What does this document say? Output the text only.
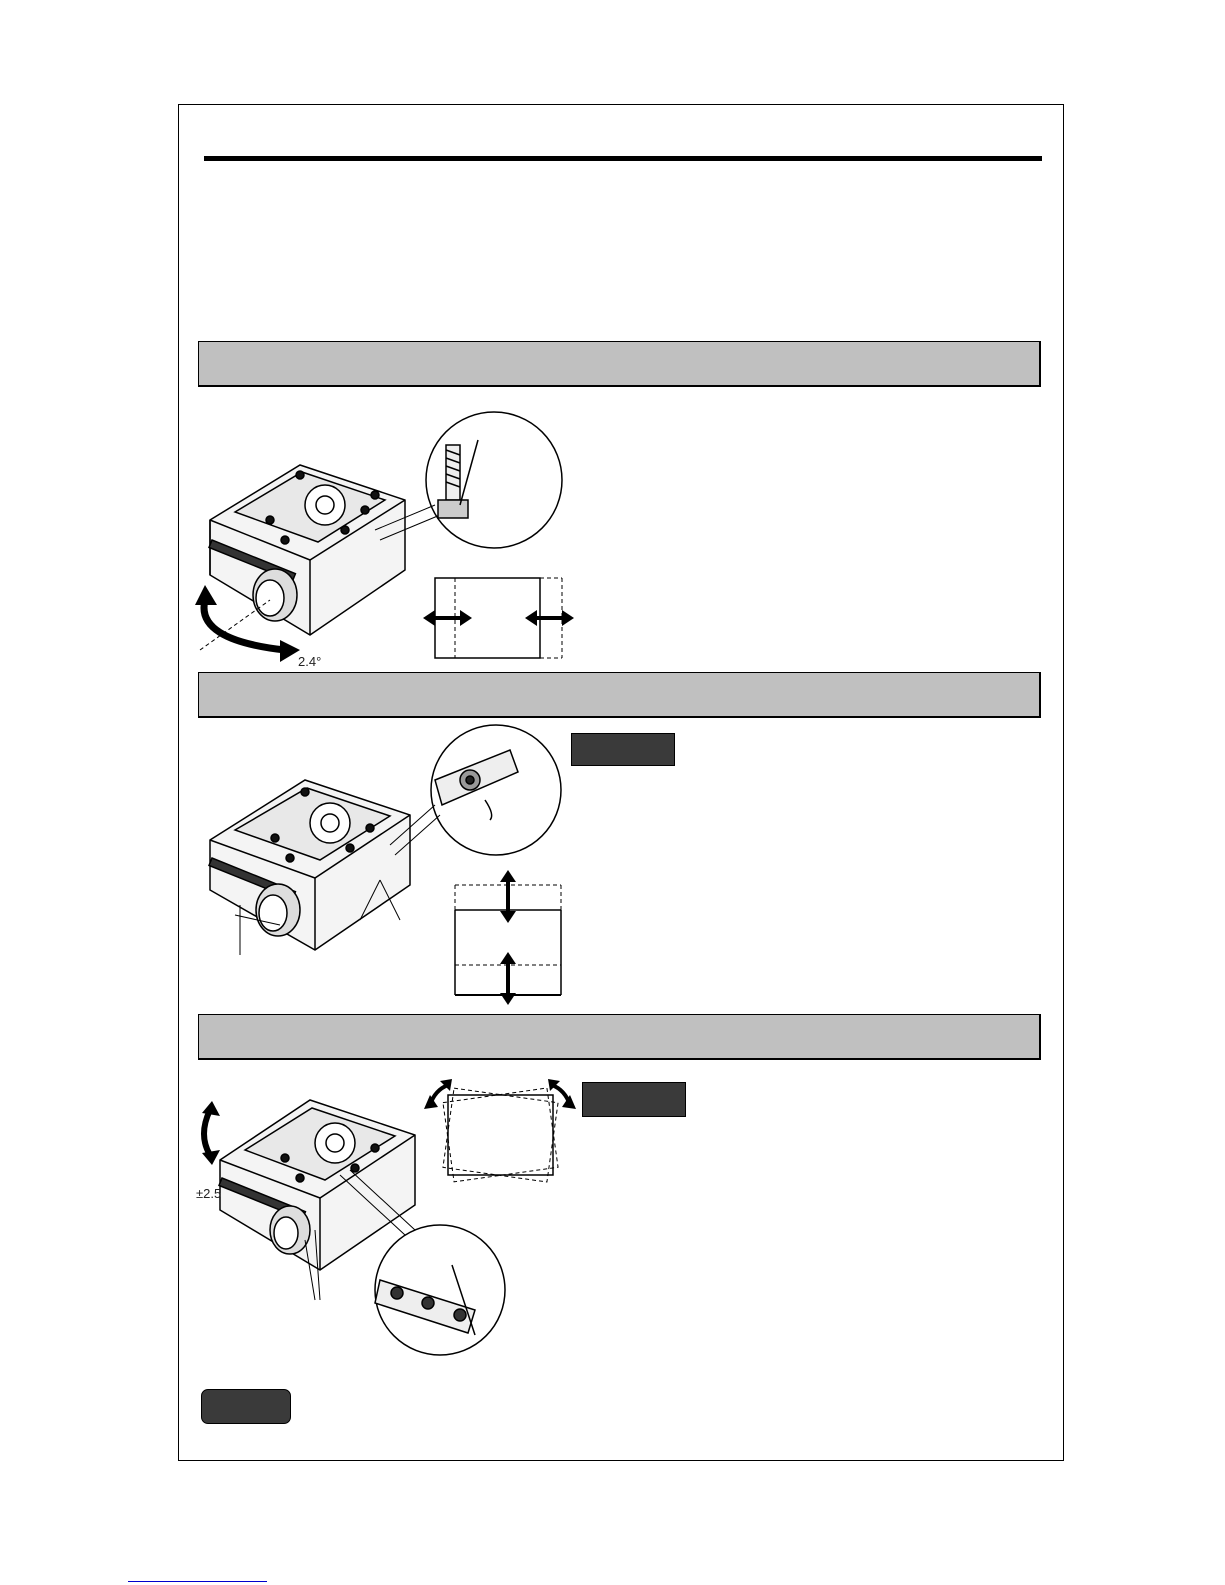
2.4°
±2.5
